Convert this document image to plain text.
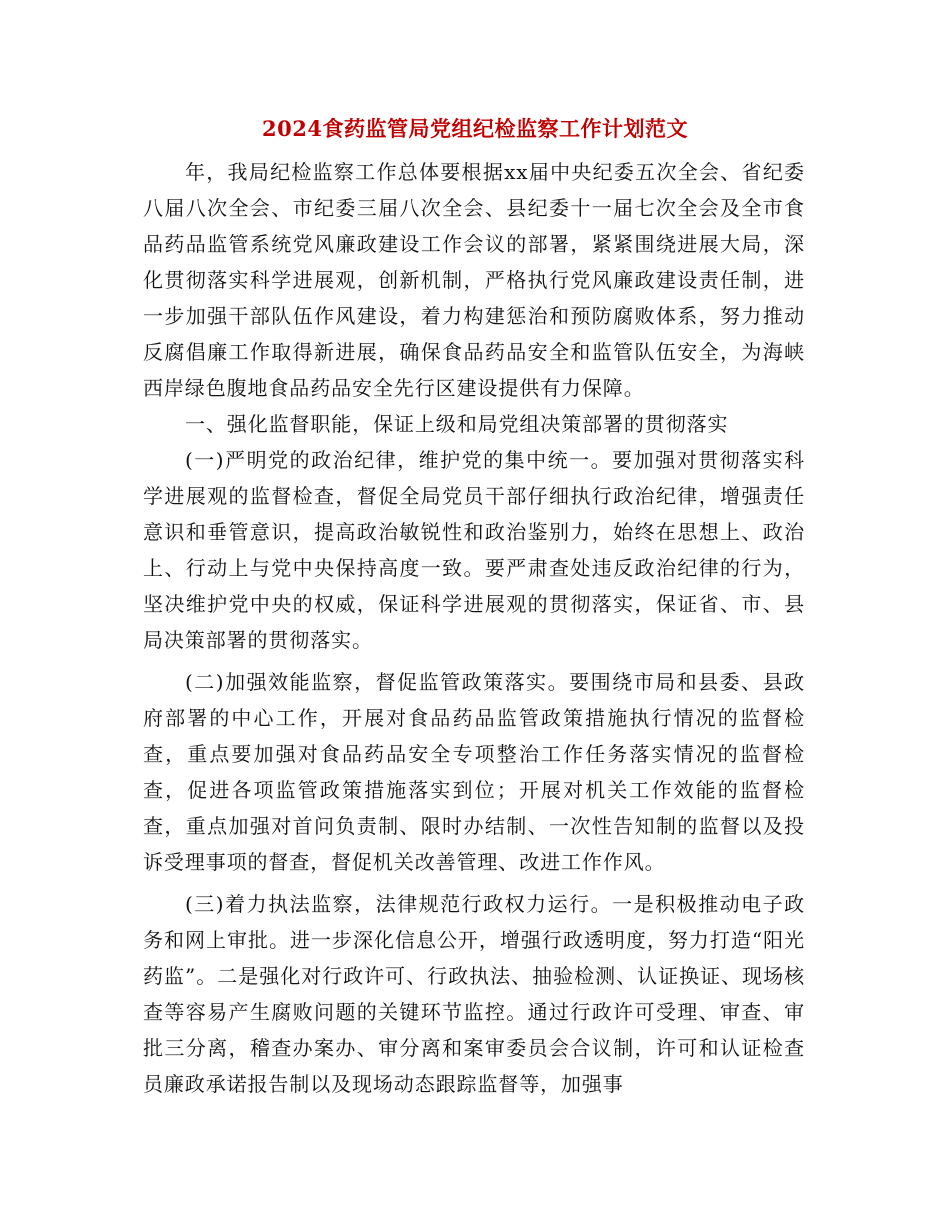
2024食药监管局党组纪检监察工作计划范文

年，我局纪检监察工作总体要根据xx届中央纪委五次全会、省纪委八届八次全会、市纪委三届八次全会、县纪委十一届七次全会及全市食品药品监管系统党风廉政建设工作会议的部署，紧紧围绕进展大局，深化贯彻落实科学进展观，创新机制，严格执行党风廉政建设责任制，进一步加强干部队伍作风建设，着力构建惩治和预防腐败体系，努力推动反腐倡廉工作取得新进展，确保食品药品安全和监管队伍安全，为海峡西岸绿色腹地食品药品安全先行区建设提供有力保障。

一、强化监督职能，保证上级和局党组决策部署的贯彻落实

(一)严明党的政治纪律，维护党的集中统一。要加强对贯彻落实科学进展观的监督检查，督促全局党员干部仔细执行政治纪律，增强责任意识和垂管意识，提高政治敏锐性和政治鉴别力，始终在思想上、政治上、行动上与党中央保持高度一致。要严肃查处违反政治纪律的行为，坚决维护党中央的权威，保证科学进展观的贯彻落实，保证省、市、县局决策部署的贯彻落实。

(二)加强效能监察，督促监管政策落实。要围绕市局和县委、县政府部署的中心工作，开展对食品药品监管政策措施执行情况的监督检查，重点要加强对食品药品安全专项整治工作任务落实情况的监督检查，促进各项监管政策措施落实到位；开展对机关工作效能的监督检查，重点加强对首问负责制、限时办结制、一次性告知制的监督以及投诉受理事项的督查，督促机关改善管理、改进工作作风。

(三)着力执法监察，法律规范行政权力运行。一是积极推动电子政务和网上审批。进一步深化信息公开，增强行政透明度，努力打造“阳光药监”。二是强化对行政许可、行政执法、抽验检测、认证换证、现场核查等容易产生腐败问题的关键环节监控。通过行政许可受理、审查、审批三分离，稽查办案办、审分离和案审委员会合议制，许可和认证检查员廉政承诺报告制以及现场动态跟踪监督等，加强事
